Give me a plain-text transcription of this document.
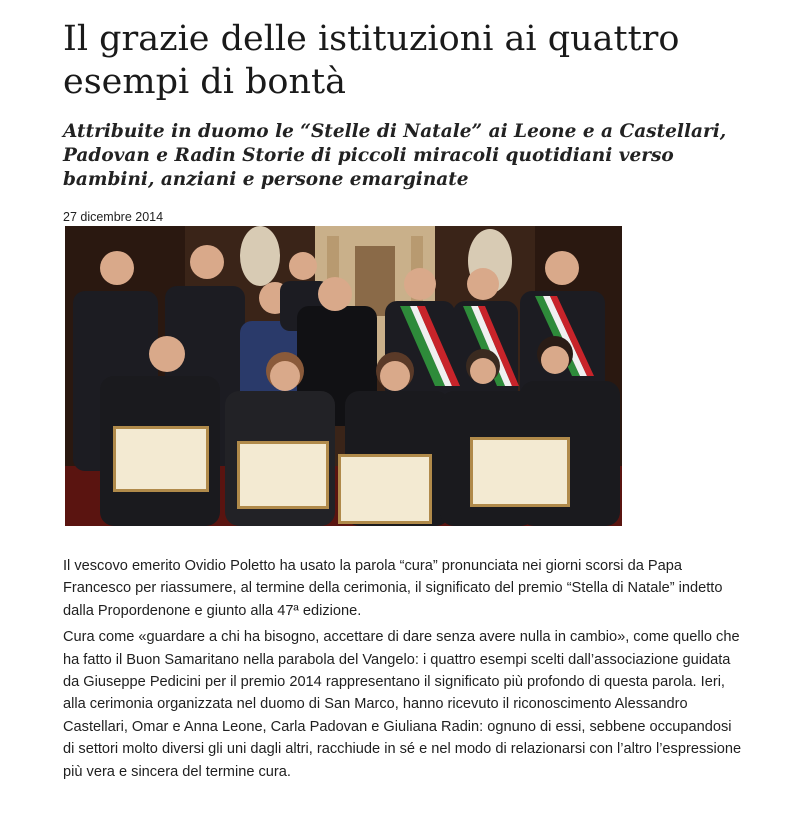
Il grazie delle istituzioni ai quattro esempi di bontà
Attribuite in duomo le “Stelle di Natale” ai Leone e a Castellari, Padovan e Radin Storie di piccoli miracoli quotidiani verso bambini, anziani e persone emarginate
27 dicembre 2014

Il vescovo emerito Ovidio Poletto ha usato la parola “cura” pronunciata nei giorni scorsi da Papa Francesco per riassumere, al termine della cerimonia, il significato del premio “Stella di Natale” indetto dalla Propordenone e giunto alla 47ª edizione.

Cura come «guardare a chi ha bisogno, accettare di dare senza avere nulla in cambio», come quello che ha fatto il Buon Samaritano nella parabola del Vangelo: i quattro esempi scelti dall’associazione guidata da Giuseppe Pedicini per il premio 2014 rappresentano il significato più profondo di questa parola. Ieri, alla cerimonia organizzata nel duomo di San Marco, hanno ricevuto il riconoscimento Alessandro Castellari, Omar e Anna Leone, Carla Padovan e Giuliana Radin: ognuno di essi, sebbene occupandosi di settori molto diversi gli uni dagli altri, racchiude in sé e nel modo di relazionarsi con l’altro l’espressione più vera e sincera del termine cura.
